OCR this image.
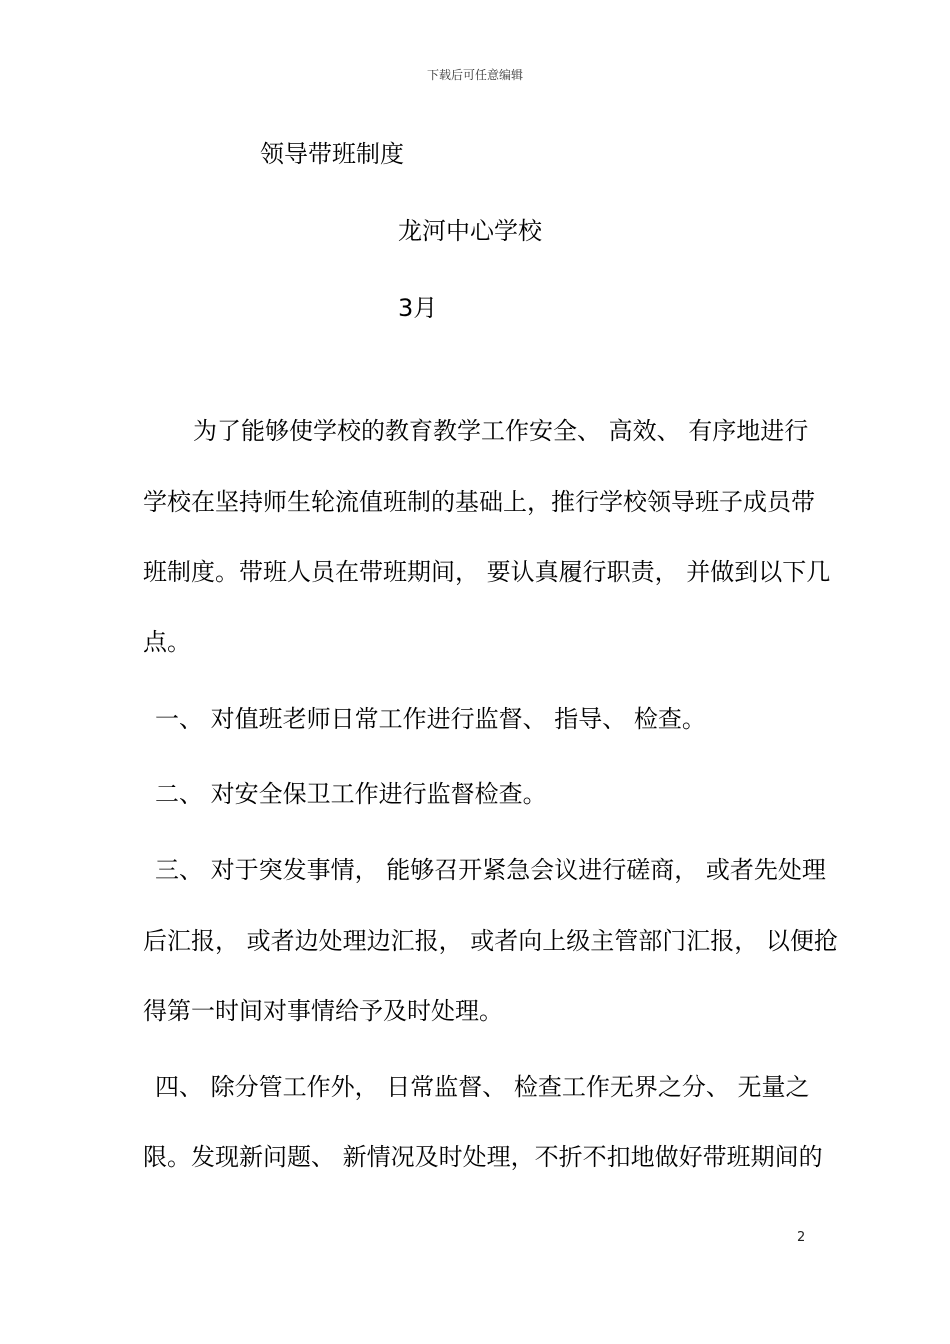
下载后可任意编辑
领导带班制度
龙河中心学校
3月
为了能够使学校的教育教学工作安全、 高效、 有序地进行
学校在坚持师生轮流值班制的基础上，推行学校领导班子成员带
班制度。带班人员在带班期间， 要认真履行职责， 并做到以下几
点。
一、 对值班老师日常工作进行监督、 指导、 检查。
二、 对安全保卫工作进行监督检查。
三、 对于突发事情， 能够召开紧急会议进行磋商， 或者先处理
后汇报， 或者边处理边汇报， 或者向上级主管部门汇报， 以便抢
得第一时间对事情给予及时处理。
四、 除分管工作外， 日常监督、 检查工作无界之分、 无量之
限。发现新问题、 新情况及时处理，不折不扣地做好带班期间的
2
